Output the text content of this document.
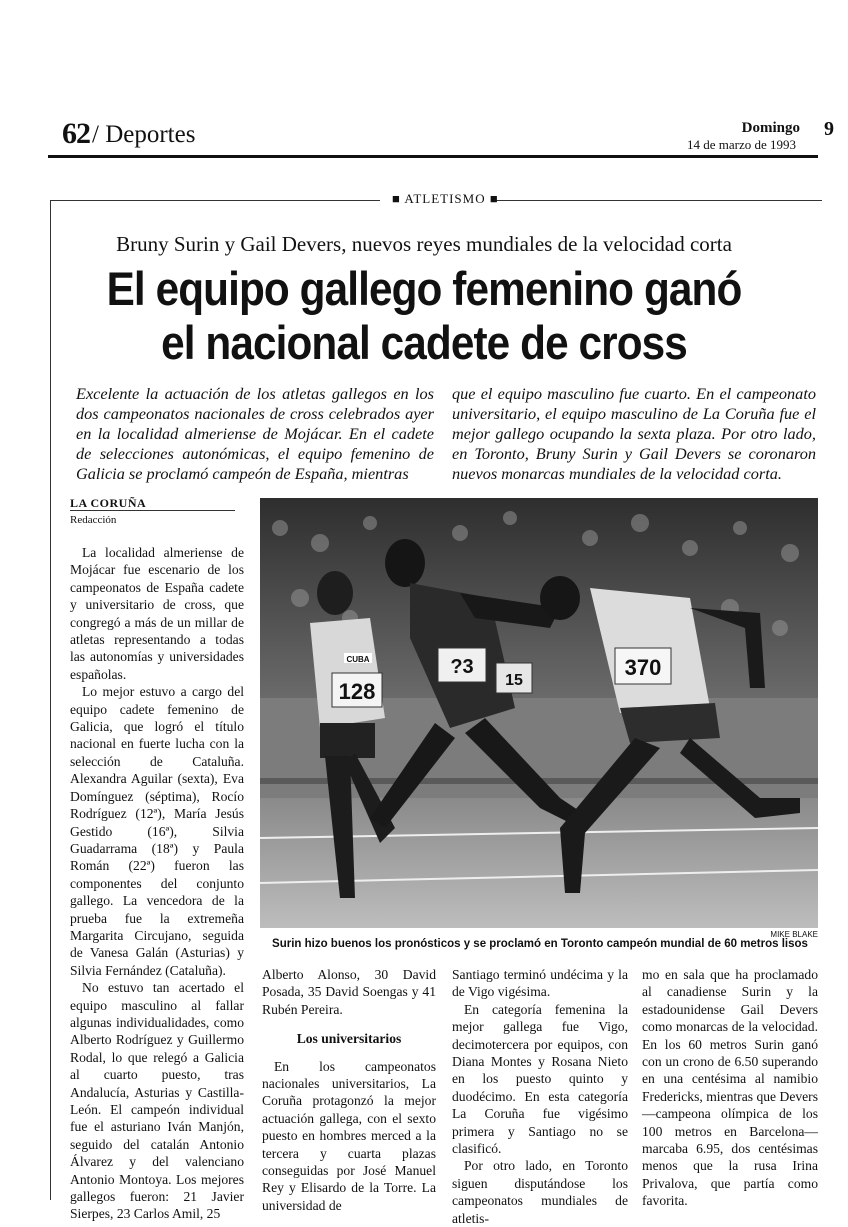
62 / Deportes	Domingo
14 de marzo de 1993
9
■ ATLETISMO ■
Bruny Surin y Gail Devers, nuevos reyes mundiales de la velocidad corta
El equipo gallego femenino ganó
el nacional cadete de cross
Excelente la actuación de los atletas gallegos en los dos campeonatos nacionales de cross celebrados ayer en la localidad almeriense de Mojácar. En el cadete de selecciones autonómicas, el equipo femenino de Galicia se proclamó campeón de España, mientras
que el equipo masculino fue cuarto. En el campeonato universitario, el equipo masculino de La Coruña fue el mejor gallego ocupando la sexta plaza. Por otro lado, en Toronto, Bruny Surin y Gail Devers se coronaron nuevos monarcas mundiales de la velocidad corta.
LA CORUÑA
Redacción

La localidad almeriense de Mojácar fue escenario de los campeonatos de España cadete y universitario de cross, que congregó a más de un millar de atletas representando a todas las autonomías y universidades españolas.

Lo mejor estuvo a cargo del equipo cadete femenino de Galicia, que logró el título nacional en fuerte lucha con la selección de Cataluña. Alexandra Aguilar (sexta), Eva Domínguez (séptima), Rocío Rodríguez (12ª), María Jesús Gestido (16ª), Silvia Guadarrama (18ª) y Paula Román (22ª) fueron las componentes del conjunto gallego. La vencedora de la prueba fue la extremeña Margarita Circujano, seguida de Vanesa Galán (Asturias) y Silvia Fernández (Cataluña).

No estuvo tan acertado el equipo masculino al fallar algunas individualidades, como Alberto Rodríguez y Guillermo Rodal, lo que relegó a Galicia al cuarto puesto, tras Andalucía, Asturias y Castilla-León. El campeón individual fue el asturiano Iván Manjón, seguido del catalán Antonio Álvarez y del valenciano Antonio Montoya. Los mejores gallegos fueron: 21 Javier Sierpes, 23 Carlos Amil, 25

128
CUBA	?3
15
370
MIKE BLAKE
Surin hizo buenos los pronósticos y se proclamó en Toronto campeón mundial de 60 metros lisos

Alberto Alonso, 30 David Posada, 35 David Soengas y 41 Rubén Pereira.

Los universitarios

En los campeonatos nacionales universitarios, La Coruña protagonzó la mejor actuación gallega, con el sexto puesto en hombres merced a la tercera y cuarta plazas conseguidas por José Manuel Rey y Elisardo de la Torre. La universidad de

Santiago terminó undécima y la de Vigo vigésima.

En categoría femenina la mejor gallega fue Vigo, decimotercera por equipos, con Diana Montes y Rosana Nieto en los puesto quinto y duodécimo. En esta categoría La Coruña fue vigésimo primera y Santiago no se clasificó.

Por otro lado, en Toronto siguen disputándose los campeonatos mundiales de atletis-

mo en sala que ha proclamado al canadiense Surin y la estadounidense Gail Devers como monarcas de la velocidad. En los 60 metros Surin ganó con un crono de 6.50 superando en una centésima al namibio Fredericks, mientras que Devers —campeona olímpica de los 100 metros en Barcelona— marcaba 6.95, dos centésimas menos que la rusa Irina Privalova, que partía como favorita.
